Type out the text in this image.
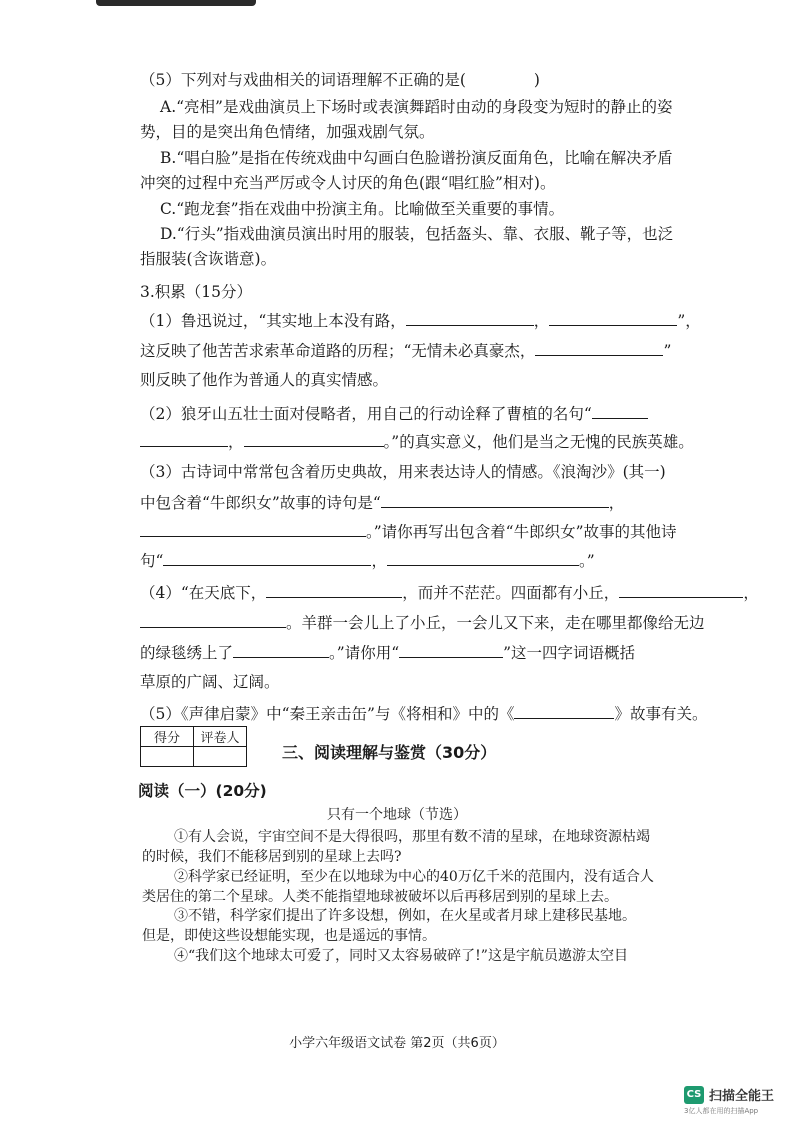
（5）下列对与戏曲相关的词语理解不正确的是(	)
A.“亮相”是戏曲演员上下场时或表演舞蹈时由动的身段变为短时的静止的姿
势，目的是突出角色情绪，加强戏剧气氛。
B.“唱白脸”是指在传统戏曲中勾画白色脸谱扮演反面角色，比喻在解决矛盾
冲突的过程中充当严厉或令人讨厌的角色(跟“唱红脸”相对)。
C.“跑龙套”指在戏曲中扮演主角。比喻做至关重要的事情。
D.“行头”指戏曲演员演出时用的服装，包括盔头、靠、衣服、靴子等，也泛
指服装(含诙谐意)。
3.积累（15分）
（1）鲁迅说过，“其实地上本没有路，	，	”，
这反映了他苦苦求索革命道路的历程；“无情未必真豪杰，	”
则反映了他作为普通人的真实情感。
（2）狼牙山五壮士面对侵略者，用自己的行动诠释了曹植的名句“
，	。”的真实意义，他们是当之无愧的民族英雄。
（3）古诗词中常常包含着历史典故，用来表达诗人的情感。《浪淘沙》(其一)
中包含着“牛郎织女”故事的诗句是“	，
。”请你再写出包含着“牛郎织女”故事的其他诗
句“	，	。”
（4）“在天底下，	，而并不茫茫。四面都有小丘，	，
。羊群一会儿上了小丘，一会儿又下来，走在哪里都像给无边
的绿毯绣上了	。”请你用“	”这一四字词语概括
草原的广阔、辽阔。
（5）《声律启蒙》中“秦王亲击缶”与《将相和》中的《	》故事有关。
得分	评卷人

三、阅读理解与鉴赏（30分）
阅读（一）(20分)
只有一个地球（节选）
①有人会说，宇宙空间不是大得很吗，那里有数不清的星球，在地球资源枯竭
的时候，我们不能移居到别的星球上去吗?
②科学家已经证明，至少在以地球为中心的40万亿千米的范围内，没有适合人
类居住的第二个星球。人类不能指望地球被破坏以后再移居到别的星球上去。
③不错，科学家们提出了许多设想，例如，在火星或者月球上建移民基地。
但是，即使这些设想能实现，也是遥远的事情。
④“我们这个地球太可爱了，同时又太容易破碎了!”这是宇航员遨游太空目
小学六年级语文试卷 第2页（共6页）
CS 扫描全能王
3亿人都在用的扫描App
